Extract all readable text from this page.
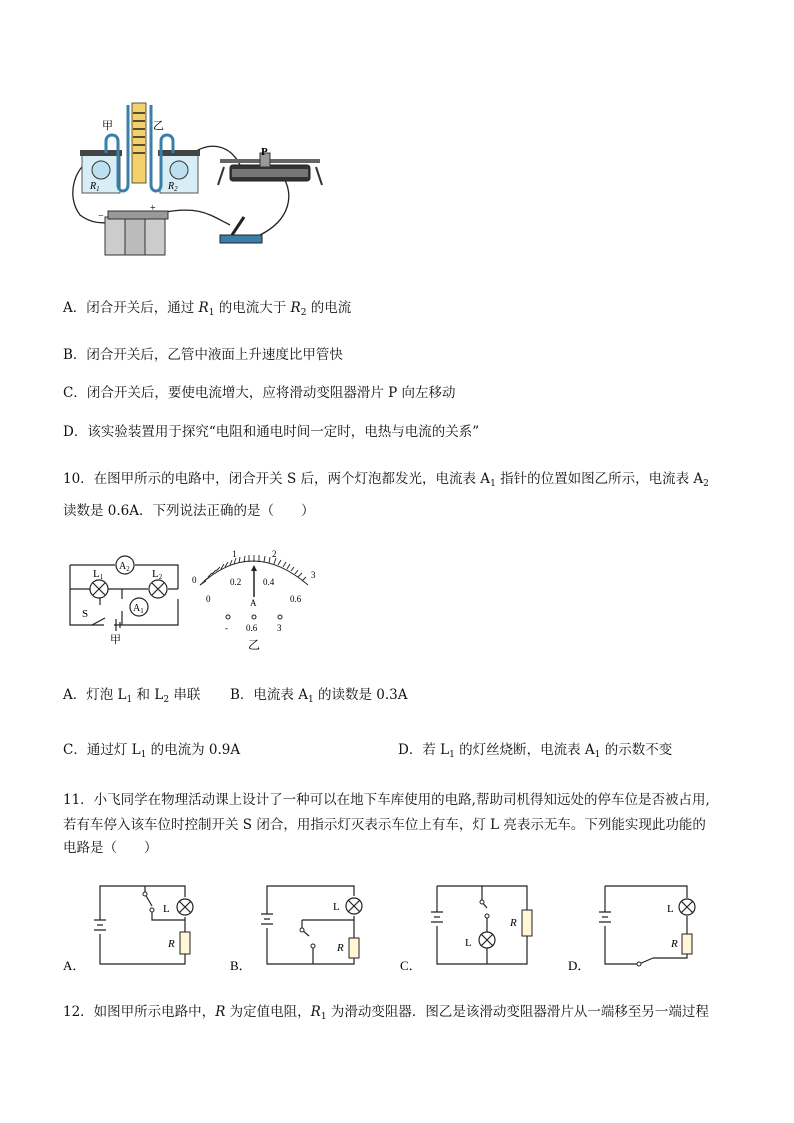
$R_1$	$R_2$
甲	乙
P
−
+
A．闭合开关后，通过 $R_1$ 的电流大于 $R_2$ 的电流
B．闭合开关后，乙管中液面上升速度比甲管快
C．闭合开关后，要使电流增大，应将滑动变阻器滑片 P 向左移动
D．该实验装置用于探究“电阻和通电时间一定时，电热与电流的关系”
10．在图甲所示的电路中，闭合开关 S 后，两个灯泡都发光，电流表 $A_1$ 指针的位置如图乙所示，电流表 $A_2$
读数是 0.6A．下列说法正确的是（　　）
$A_2$
$A_1$
L1	L2
S
甲
0
1	2
3
0
0.2 0.4
0.6
A
- 0.6 3
乙
A．灯泡 $L_1$ 和 $L_2$ 串联 B．电流表 $A_1$ 的读数是 0.3A
C．通过灯 $L_1$ 的电流为 0.9A	D．若 $L_1$ 的灯丝烧断，电流表 $A_1$ 的示数不变
11．小飞同学在物理活动课上设计了一种可以在地下车库使用的电路,帮助司机得知远处的停车位是否被占用,
若有车停入该车位时控制开关 S 闭合，用指示灯灭表示车位上有车，灯 L 亮表示无车。下列能实现此功能的
电路是（　　）
A．
L
R
B．
L
R
C．
L
R
D．
L
R
12．如图甲所示电路中，R 为定值电阻，$R_1$ 为滑动变阻器．图乙是该滑动变阻器滑片从一端移至另一端过程
